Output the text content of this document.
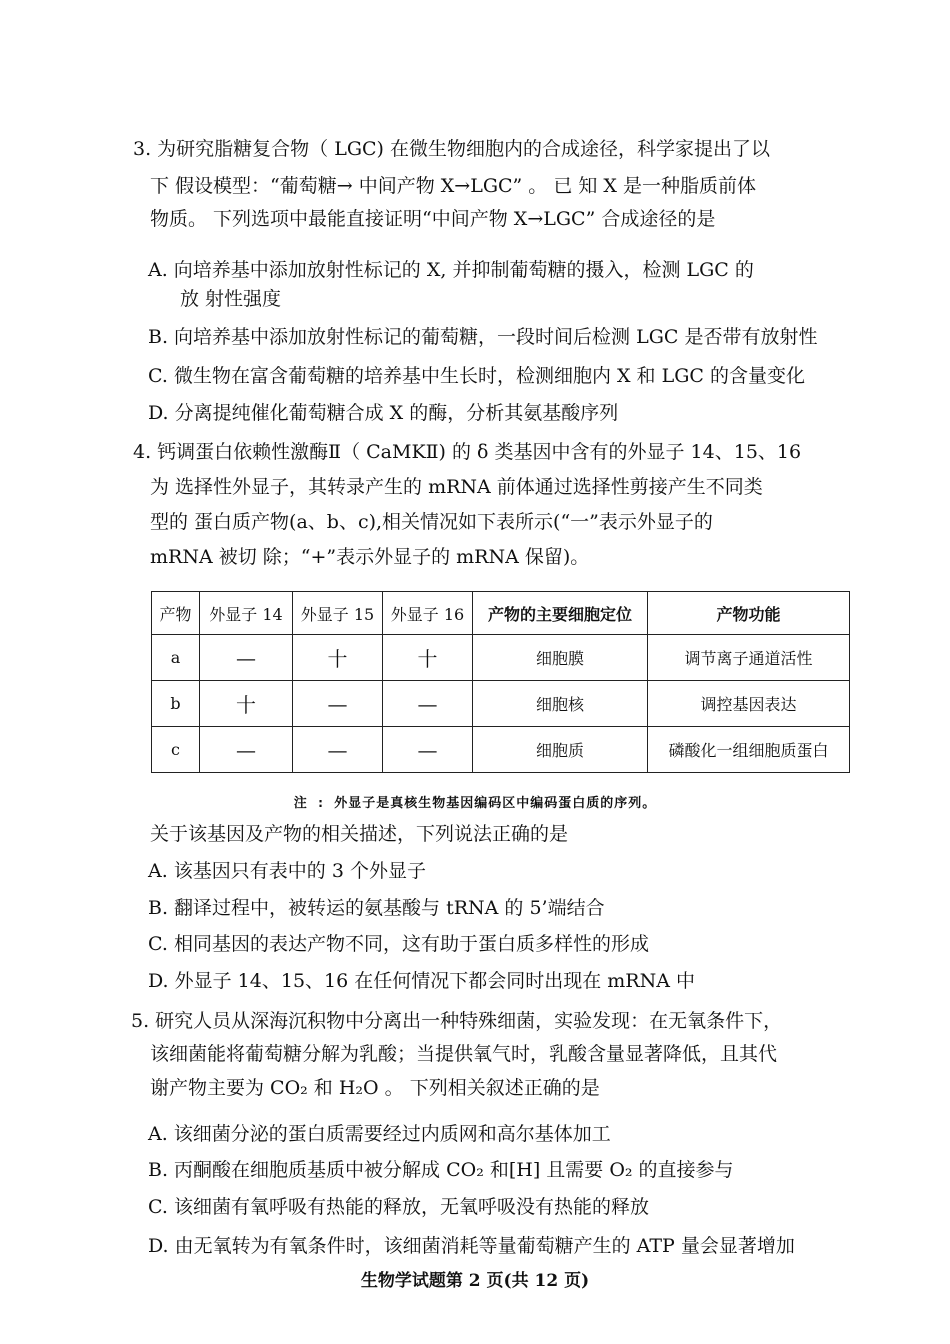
3. 为研究脂糖复合物（ LGC) 在微生物细胞内的合成途径，科学家提出了以
下 假设模型：“葡萄糖→ 中间产物 X→LGC” 。 已 知 X 是一种脂质前体
物质。 下列选项中最能直接证明“中间产物 X→LGC” 合成途径的是
A. 向培养基中添加放射性标记的 X, 并抑制葡萄糖的摄入，检测 LGC 的
放 射性强度
B. 向培养基中添加放射性标记的葡萄糖，一段时间后检测 LGC 是否带有放射性
C. 微生物在富含葡萄糖的培养基中生长时，检测细胞内 X 和 LGC 的含量变化
D. 分离提纯催化葡萄糖合成 X 的酶，分析其氨基酸序列
4. 钙调蛋白依赖性激酶Ⅱ（ CaMKⅡ) 的 δ 类基因中含有的外显子 14、15、16
为 选择性外显子，其转录产生的 mRNA 前体通过选择性剪接产生不同类
型的 蛋白质产物(a、b、c),相关情况如下表所示(“一”表示外显子的
mRNA 被切 除；“+”表示外显子的 mRNA 保留)。
产物	外显子 14	外显子 15	外显子 16	产物的主要细胞定位	产物功能
a	—	十	十	细胞膜	调节离子通道活性
b	十	—	—	细胞核	调控基因表达
c	—	—	—	细胞质	磷酸化一组细胞质蛋白
注 : 外显子是真核生物基因编码区中编码蛋白质的序列。
关于该基因及产物的相关描述，下列说法正确的是
A. 该基因只有表中的 3 个外显子
B. 翻译过程中，被转运的氨基酸与 tRNA 的 5’端结合
C. 相同基因的表达产物不同，这有助于蛋白质多样性的形成
D. 外显子 14、15、16 在任何情况下都会同时出现在 mRNA 中
5. 研究人员从深海沉积物中分离出一种特殊细菌，实验发现：在无氧条件下，
该细菌能将葡萄糖分解为乳酸；当提供氧气时，乳酸含量显著降低，且其代
谢产物主要为 CO₂ 和 H₂O 。 下列相关叙述正确的是
A. 该细菌分泌的蛋白质需要经过内质网和高尔基体加工
B. 丙酮酸在细胞质基质中被分解成 CO₂ 和[H] 且需要 O₂ 的直接参与
C. 该细菌有氧呼吸有热能的释放，无氧呼吸没有热能的释放
D. 由无氧转为有氧条件时，该细菌消耗等量葡萄糖产生的 ATP 量会显著增加
生物学试题第 2 页(共 12 页)
